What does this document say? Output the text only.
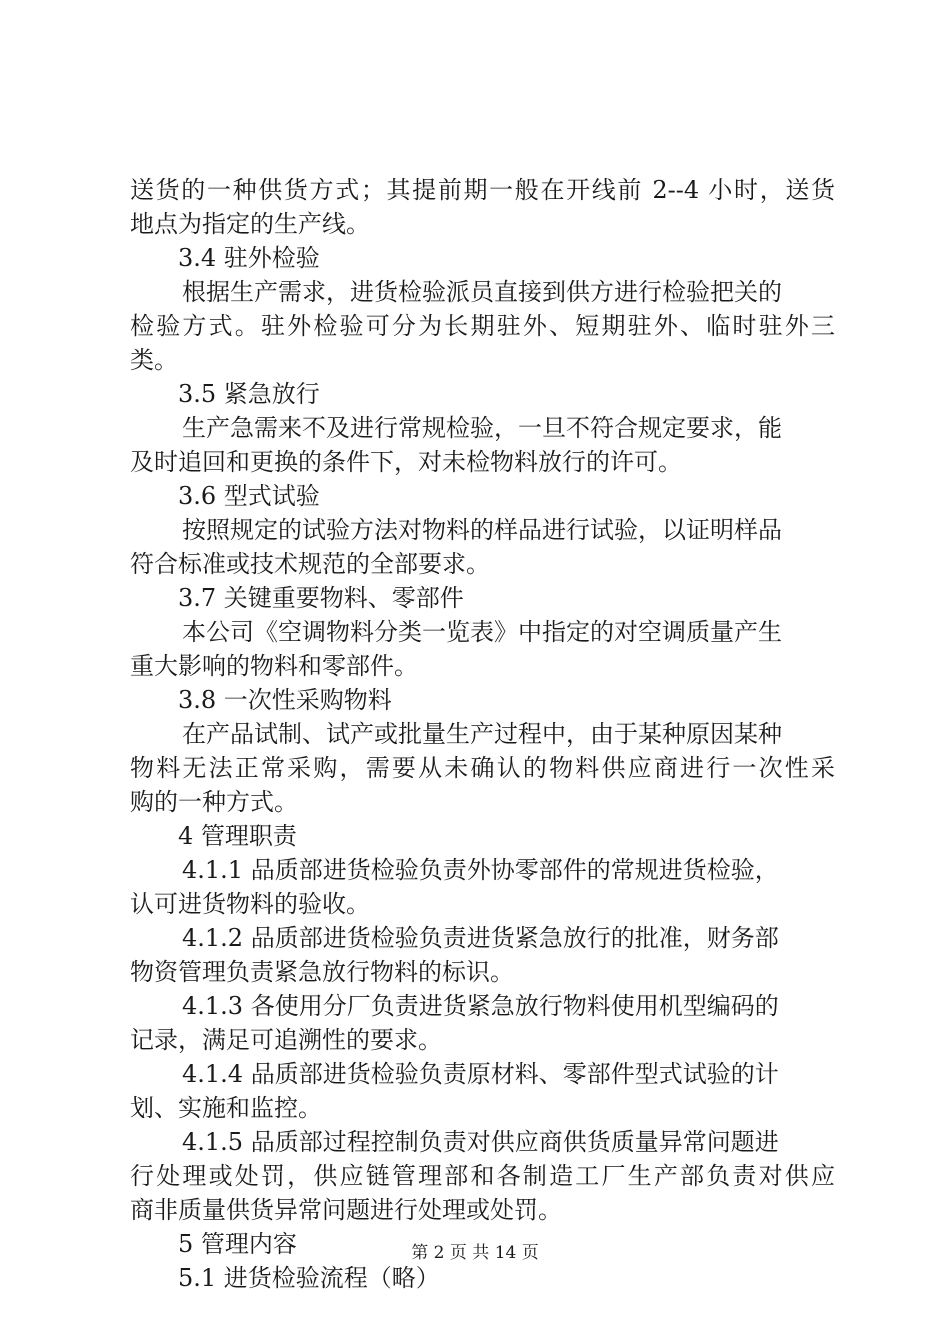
送货的一种供货方式；其提前期一般在开线前 2--4 小时，送货
地点为指定的生产线。
3.4 驻外检验
根据生产需求，进货检验派员直接到供方进行检验把关的
检验方式。驻外检验可分为长期驻外、短期驻外、临时驻外三
类。
3.5 紧急放行
生产急需来不及进行常规检验，一旦不符合规定要求，能
及时追回和更换的条件下，对未检物料放行的许可。
3.6 型式试验
按照规定的试验方法对物料的样品进行试验，以证明样品
符合标准或技术规范的全部要求。
3.7 关键重要物料、零部件
本公司《空调物料分类一览表》中指定的对空调质量产生
重大影响的物料和零部件。
3.8 一次性采购物料
在产品试制、试产或批量生产过程中，由于某种原因某种
物料无法正常采购，需要从未确认的物料供应商进行一次性采
购的一种方式。
4 管理职责
4.1.1 品质部进货检验负责外协零部件的常规进货检验，
认可进货物料的验收。
4.1.2 品质部进货检验负责进货紧急放行的批准，财务部
物资管理负责紧急放行物料的标识。
4.1.3 各使用分厂负责进货紧急放行物料使用机型编码的
记录，满足可追溯性的要求。
4.1.4 品质部进货检验负责原材料、零部件型式试验的计
划、实施和监控。
4.1.5 品质部过程控制负责对供应商供货质量异常问题进
行处理或处罚，供应链管理部和各制造工厂生产部负责对供应
商非质量供货异常问题进行处理或处罚。
5 管理内容
5.1 进货检验流程（略）
第 2 页 共 14 页
